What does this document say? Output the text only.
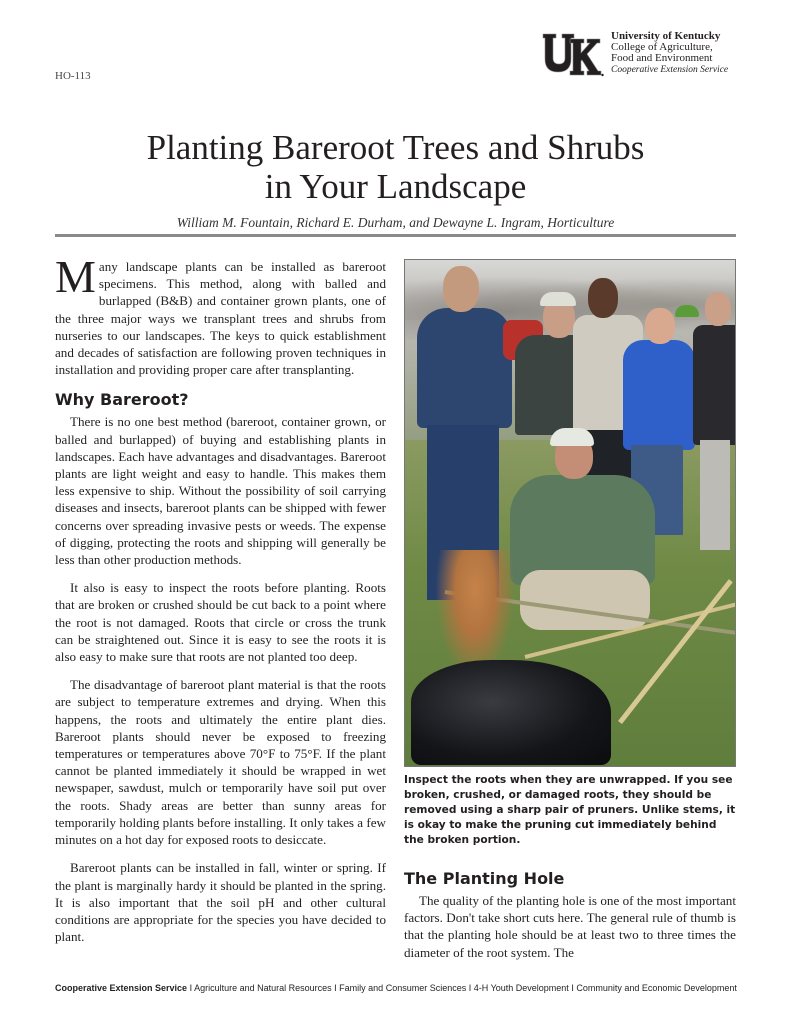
HO-113
University of Kentucky
College of Agriculture,
Food and Environment
Cooperative Extension Service
Planting Bareroot Trees and Shrubs
in Your Landscape
William M. Fountain, Richard E. Durham, and Dewayne L. Ingram, Horticulture

Many landscape plants can be installed as bareroot specimens. This method, along with balled and burlapped (B&B) and container grown plants, one of the three major ways we transplant trees and shrubs from nurseries to our landscapes. The keys to quick establishment and decades of satisfaction are following proven techniques in installation and providing proper care after transplanting.

Why Bareroot?

There is no one best method (bareroot, container grown, or balled and burlapped) of buying and establishing plants in landscapes. Each have advantages and disadvantages. Bareroot plants are light weight and easy to handle. This makes them less expensive to ship. Without the possibility of soil carrying diseases and insects, bareroot plants can be shipped with fewer concerns over spreading invasive pests or weeds. The expense of digging, protecting the roots and shipping will generally be less than other production methods.

It also is easy to inspect the roots before planting. Roots that are broken or crushed should be cut back to a point where the root is not damaged. Roots that circle or cross the trunk can be straightened out. Since it is easy to see the roots it is also easy to make sure that roots are not planted too deep.

The disadvantage of bareroot plant material is that the roots are subject to temperature extremes and drying. When this happens, the roots and ultimately the entire plant dies. Bareroot plants should never be exposed to freezing temperatures or temperatures above 70°F to 75°F. If the plant cannot be planted immediately it should be wrapped in wet newspaper, sawdust, mulch or temporarily have soil put over the roots. Shady areas are better than sunny areas for temporarily holding plants before installing. It only takes a few minutes on a hot day for exposed roots to desiccate.

Bareroot plants can be installed in fall, winter or spring. If the plant is marginally hardy it should be planted in the spring. It is also important that the soil pH and other cultural conditions are appropriate for the species you have decided to plant.

Inspect the roots when they are unwrapped. If you see broken, crushed, or damaged roots, they should be removed using a sharp pair of pruners. Unlike stems, it is okay to make the pruning cut immediately behind the broken portion.
The Planting Hole

The quality of the planting hole is one of the most important factors. Don't take short cuts here. The general rule of thumb is that the planting hole should be at least two to three times the diameter of the root system. The

Cooperative Extension Service I Agriculture and Natural Resources I Family and Consumer Sciences I 4-H Youth Development I Community and Economic Development
